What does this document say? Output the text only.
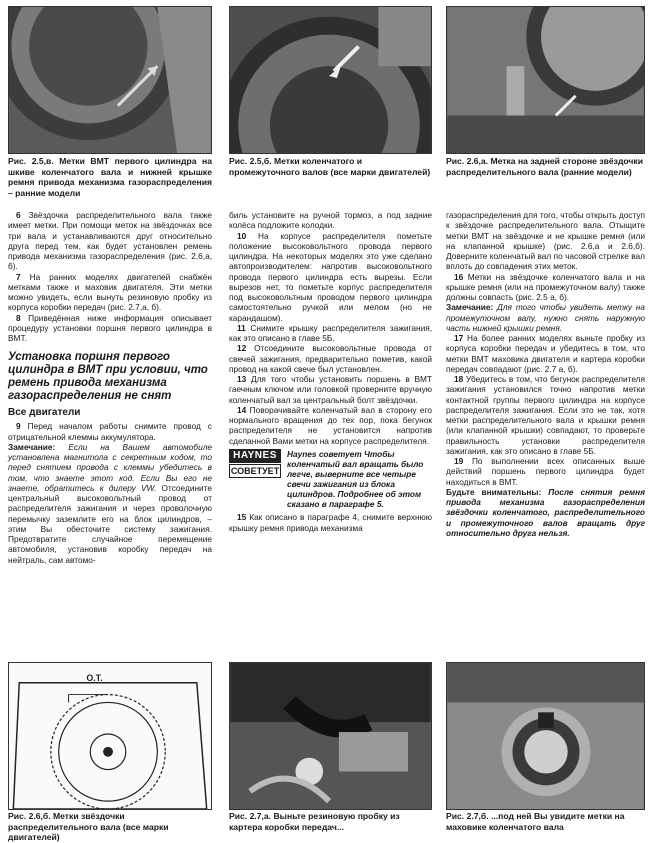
Рис. 2.5,в. Метки ВМТ первого цилиндра на шкиве коленчатого вала и нижней крышке ремня привода механизма газораспределения – ранние модели
Рис. 2.5,б. Метки коленчатого и промежуточного валов (все марки двигателей)
Рис. 2.6,а. Метка на задней стороне звёздочки распределительного вала (ранние модели)

6 Звёздочка распределительного вала также имеет метки. При помощи меток на звёздочках все три вала и устанавливаются друг относительно друга перед тем, как будет установлен ремень привода механизма газораспределения (рис. 2.6,а, б).

7 На ранних моделях двигателей снабжён метками также и маховик двигателя. Эти метки можно увидеть, если вынуть резиновую пробку из корпуса коробки передач (рис. 2.7,а, б).

8 Приведённая ниже информация описывает процедуру установки поршня первого цилиндра в ВМТ.

Установка поршня первого цилиндра в ВМТ при условии, что ремень привода механизма газораспределения не снят
Все двигатели

9 Перед началом работы снимите провод с отрицательной клеммы аккумулятора.

Замечание: Если на Вашем автомобиле установлена магнитола с секретным кодом, то перед снятием провода с клеммы убедитесь в том, что знаете этот код. Если Вы его не знаете, обратитесь к дилеру VW. Отсоедините центральный высоковольтный провод от распределителя зажигания и через проволочную перемычку заземлите его на блок цилиндров, – этим Вы обесточите систему зажигания. Предотвратите случайное перемещение автомобиля, установив коробку передач на нейтраль, сам автомо-

биль установите на ручной тормоз, а под задние колёса подложите колодки.

10 На корпусе распределителя пометьте положение высоковольтного провода первого цилиндра. На некоторых моделях это уже сделано автопроизводителем: напротив высоковольтного провода первого цилиндра есть вырезы. Если вырезов нет, то пометьте корпус распределителя под высоковольтным проводом первого цилиндра самостоятельно ручкой или мелом (но не карандашом).

11 Снимите крышку распределителя зажигания, как это описано в главе 5Б.

12 Отсоедините высоковольтные провода от свечей зажигания, предварительно пометив, какой провод на какой свече был установлен.

13 Для того чтобы установить поршень в ВМТ гаечным ключом или головкой проверните вручную коленчатый вал за центральный болт звёздочки.

14 Поворачивайте коленчатый вал в сторону его нормального вращения до тех пор, пока бегунок распределителя не установится напротив сделанной Вами метки на корпусе распределителя.

HAYNES
СОВЕТУЕТ
Haynes советует Чтобы коленчатый вал вращать было легче, выверните все четыре свечи зажигания из блока цилиндров. Подробнее об этом сказано в параграфе 5.

15 Как описано в параграфе 4, снимите верхнюю крышку ремня привода механизма

газораспределения для того, чтобы открыть доступ к звёздочке распределительного вала. Отыщите метки ВМТ на звёздочке и не крышке ремня (или на клапанной крышке) (рис. 2.6,а и 2.6,б). Доверните коленчатый вал по часовой стрелке вал вплоть до совпадения этих меток.

16 Метки на звёздочке коленчатого вала и на крышке ремня (или на промежуточном валу) также должны совпасть (рис. 2.5 а, б).

Замечание: Для того чтобы увидеть метку на промежуточном валу, нужно снять наружную часть нижней крышки ремня.

17 На более ранних моделях выньте пробку из корпуса коробки передач и убедитесь в том, что метки ВМТ маховика двигателя и картера коробки передач совпадают (рис. 2.7 а, б).

18 Убедитесь в том, что бегунок распределителя зажигания установился точно напротив метки контактной группы первого цилиндра на корпусе распределителя зажигания. Если это не так, хотя метки распределительного вала и крышки ремня (или клапанной крышки) совпадают, то проверьте правильность установки распределителя зажигания, как это описано в главе 5Б.

19 По выполнении всех описанных выше действий поршень первого цилиндра будет находиться в ВМТ.

Будьте внимательны: После снятия ремня привода механизма газораспределения звёздочки коленчатого, распределительного и промежуточного валов вращать друг относительно друга нельзя.

O.T.
Рис. 2.6,б. Метки звёздочки распределительного вала (все марки двигателей)
Рис. 2.7,а. Выньте резиновую пробку из картера коробки передач...
Рис. 2.7,б. ...под ней Вы увидите метки на маховике коленчатого вала
